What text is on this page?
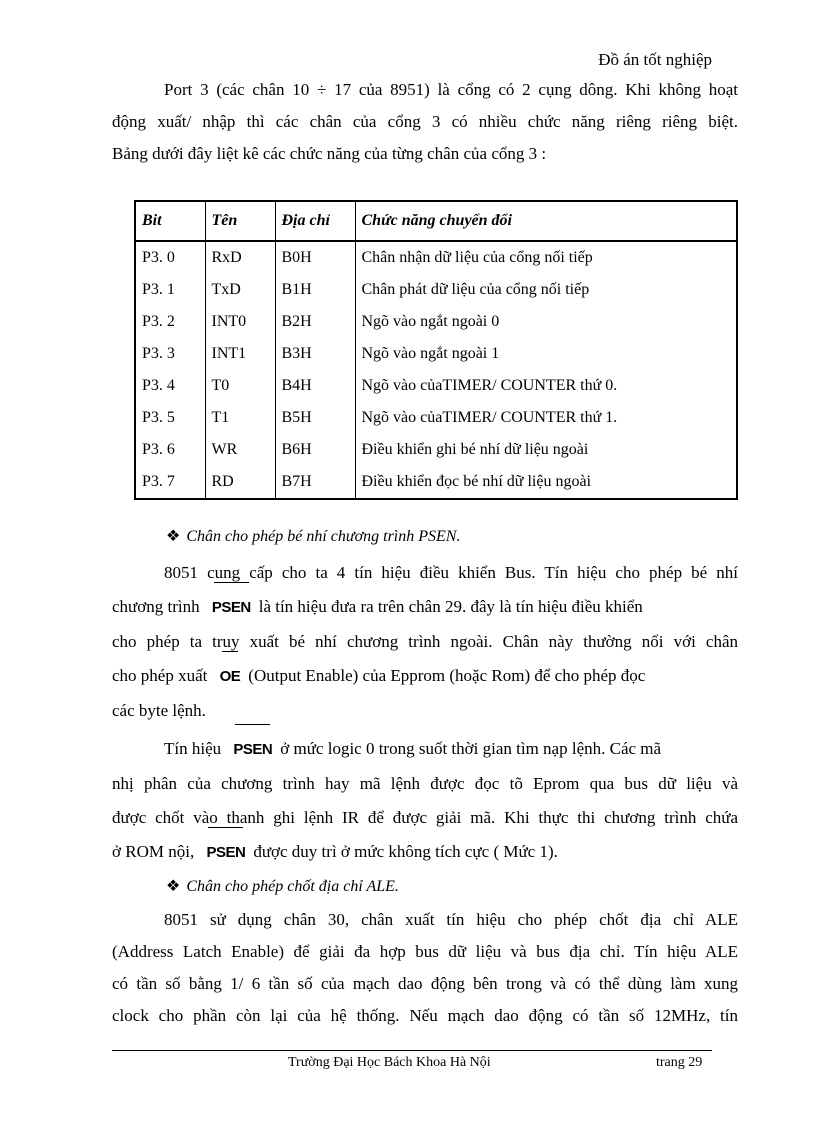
Đồ án tốt nghiệp

Port 3 (các chân 10 ÷ 17 của 8951) là cổng có 2 cụng dông. Khi không hoạt
động xuất/ nhập thì các chân của cổng 3 có nhiều chức năng riêng riêng biệt.
Bảng dưới đây liệt kê các chức năng của từng chân của cổng 3 :

Bit	Tên	Địa chỉ	Chức năng chuyển đổi
P3. 0	RxD	B0H	Chân nhận dữ liệu của cổng nối tiếp
P3. 1	TxD	B1H	Chân phát dữ liệu của cổng nối tiếp
P3. 2	INT0	B2H	Ngõ vào ngắt ngoài 0
P3. 3	INT1	B3H	Ngõ vào ngắt ngoài 1
P3. 4	T0	B4H	Ngõ vào củaTIMER/ COUNTER thứ 0.
P3. 5	T1	B5H	Ngõ vào củaTIMER/ COUNTER thứ 1.
P3. 6	WR	B6H	Điều khiển ghi bé nhí dữ liệu ngoài
P3. 7	RD	B7H	Điều khiển đọc bé nhí dữ liệu ngoài
❖ Chân cho phép bé nhí chương trình PSEN.

8051 cung cấp cho ta 4 tín hiệu điều khiển Bus. Tín hiệu cho phép bé nhí
chương trình PSEN là tín hiệu đưa ra trên chân 29. đây là tín hiệu điều khiển
cho phép ta truy xuất bé nhí chương trình ngoài. Chân này thường nối với chân
cho phép xuất OE (Output Enable) của Epprom (hoặc Rom) để cho phép đọc
các byte lệnh.

Tín hiệu PSEN ở mức logic 0 trong suốt thời gian tìm nạp lệnh. Các mã
nhị phân của chương trình hay mã lệnh được đọc tõ Eprom qua bus dữ liệu và
được chốt vào thanh ghi lệnh IR để được giải mã. Khi thực thi chương trình chứa
ở ROM nội, PSEN được duy trì ở mức không tích cực ( Mức 1).

❖ Chân cho phép chốt địa chỉ ALE.

8051 sử dụng chân 30, chân xuất tín hiệu cho phép chốt địa chỉ ALE
(Address Latch Enable) để giải đa hợp bus dữ liệu và bus địa chỉ. Tín hiệu ALE
có tần số bằng 1/ 6 tần số của mạch dao động bên trong và có thể dùng làm xung
clock cho phần còn lại của hệ thống. Nếu mạch dao động có tần số 12MHz, tín

Trường Đại Học Bách Khoa Hà Nội	trang 29
